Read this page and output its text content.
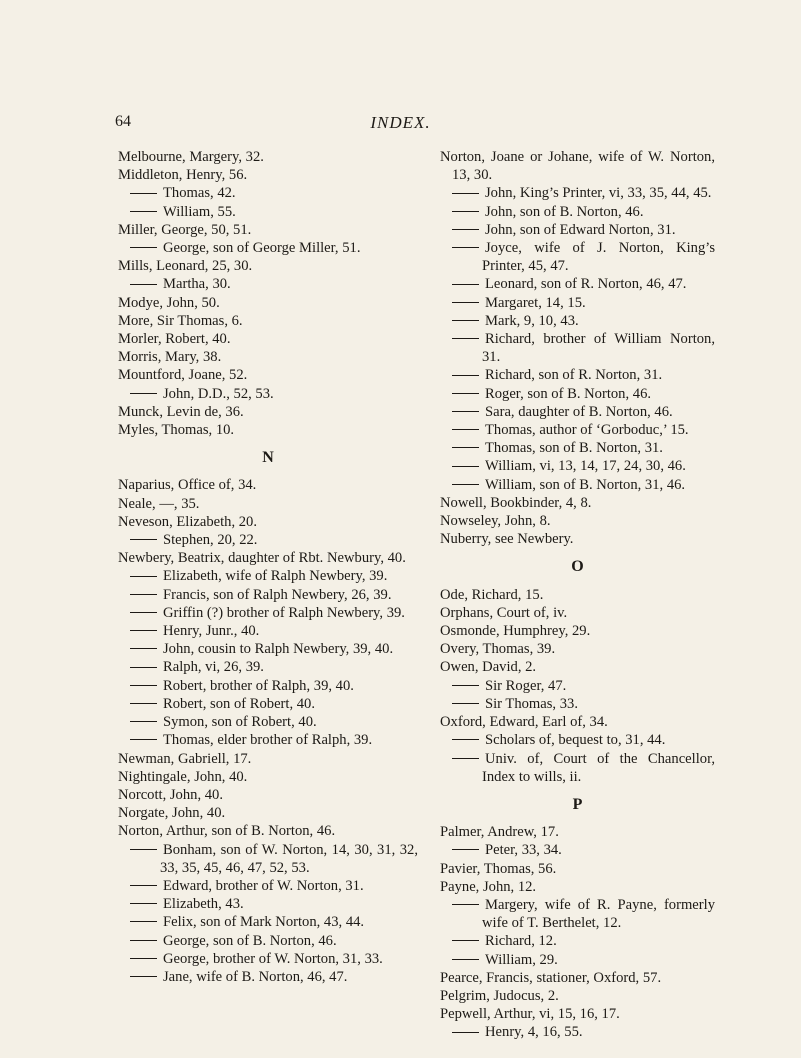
64	INDEX.
Melbourne, Margery, 32.
Middleton, Henry, 56.
Thomas, 42.
William, 55.
Miller, George, 50, 51.
George, son of George Miller, 51.
Mills, Leonard, 25, 30.
Martha, 30.
Modye, John, 50.
More, Sir Thomas, 6.
Morler, Robert, 40.
Morris, Mary, 38.
Mountford, Joane, 52.
John, D.D., 52, 53.
Munck, Levin de, 36.
Myles, Thomas, 10.
N
Naparius, Office of, 34.
Neale, —, 35.
Neveson, Elizabeth, 20.
Stephen, 20, 22.
Newbery, Beatrix, daughter of Rbt. Newbury, 40.
Elizabeth, wife of Ralph Newbery, 39.
Francis, son of Ralph Newbery, 26, 39.
Griffin (?) brother of Ralph Newbery, 39.
Henry, Junr., 40.
John, cousin to Ralph Newbery, 39, 40.
Ralph, vi, 26, 39.
Robert, brother of Ralph, 39, 40.
Robert, son of Robert, 40.
Symon, son of Robert, 40.
Thomas, elder brother of Ralph, 39.
Newman, Gabriell, 17.
Nightingale, John, 40.
Norcott, John, 40.
Norgate, John, 40.
Norton, Arthur, son of B. Norton, 46.
Bonham, son of W. Norton, 14, 30, 31, 32, 33, 35, 45, 46, 47, 52, 53.
Edward, brother of W. Norton, 31.
Elizabeth, 43.
Felix, son of Mark Norton, 43, 44.
George, son of B. Norton, 46.
George, brother of W. Norton, 31, 33.
Jane, wife of B. Norton, 46, 47.
Norton, Joane or Johane, wife of W. Norton, 13, 30.
John, King’s Printer, vi, 33, 35, 44, 45.
John, son of B. Norton, 46.
John, son of Edward Norton, 31.
Joyce, wife of J. Norton, King’s Printer, 45, 47.
Leonard, son of R. Norton, 46, 47.
Margaret, 14, 15.
Mark, 9, 10, 43.
Richard, brother of William Norton, 31.
Richard, son of R. Norton, 31.
Roger, son of B. Norton, 46.
Sara, daughter of B. Norton, 46.
Thomas, author of ‘Gorboduc,’ 15.
Thomas, son of B. Norton, 31.
William, vi, 13, 14, 17, 24, 30, 46.
William, son of B. Norton, 31, 46.
Nowell, Bookbinder, 4, 8.
Nowseley, John, 8.
Nuberry, see Newbery.
O
Ode, Richard, 15.
Orphans, Court of, iv.
Osmonde, Humphrey, 29.
Overy, Thomas, 39.
Owen, David, 2.
Sir Roger, 47.
Sir Thomas, 33.
Oxford, Edward, Earl of, 34.
Scholars of, bequest to, 31, 44.
Univ. of, Court of the Chancellor, Index to wills, ii.
P
Palmer, Andrew, 17.
Peter, 33, 34.
Pavier, Thomas, 56.
Payne, John, 12.
Margery, wife of R. Payne, formerly wife of T. Berthelet, 12.
Richard, 12.
William, 29.
Pearce, Francis, stationer, Oxford, 57.
Pelgrim, Judocus, 2.
Pepwell, Arthur, vi, 15, 16, 17.
Henry, 4, 16, 55.
